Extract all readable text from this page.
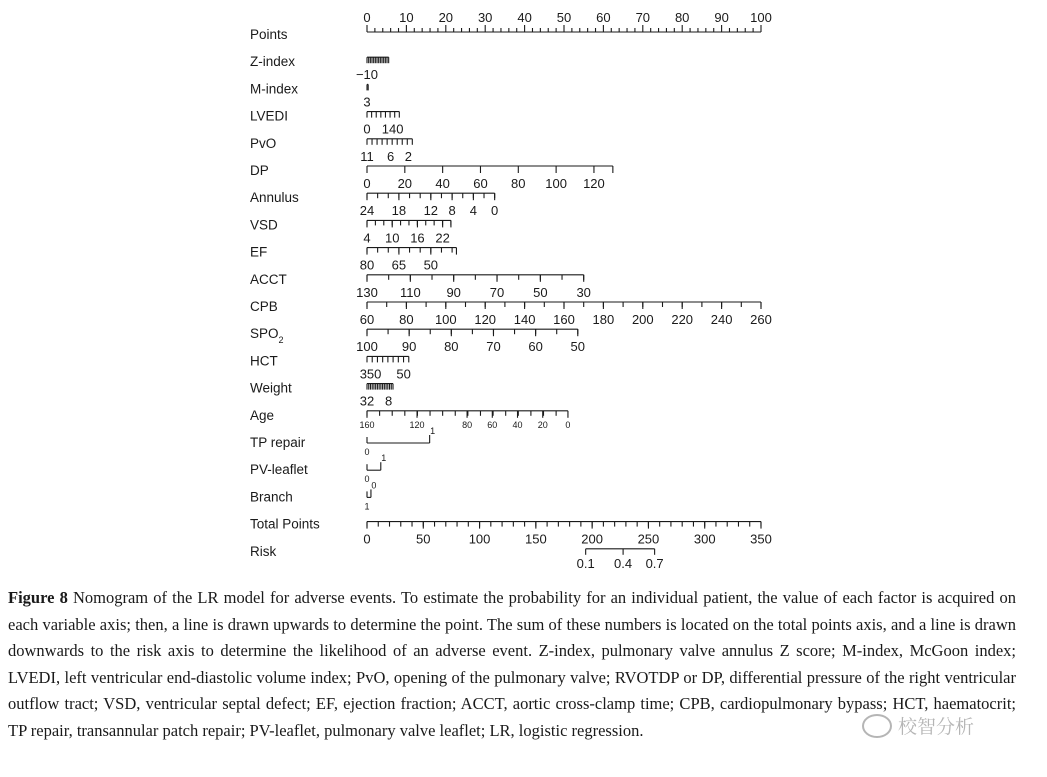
Points
0 10 20 30 40 50 60 70 80 90 100
Z-index
−10
M-index
3
LVEDI
0 140
PvO
11 6 2
DP
0 20 40 60 80 100 120
Annulus
24 18 12 8 4 0
VSD
4 10 16 22
EF
80 65 50
ACCT
130 110 90 70 50 30
CPB
60 80 100 120 140 160 180 200 220 240 260
$SPO_2$	100 90 80 70 60 50
HCT
350 50
Weight
32 8
Age
160	120	80 60 40 20 0
TP repair
0
1
PV-leaflet
0
1
Branch
1
0
Total Points
0	50	100	150	200	250	300	350
Risk
0.1 0.4 0.7
Figure 8 Nomogram of the LR model for adverse events. To estimate the probability for an individual patient, the value of each factor is acquired on each variable axis; then, a line is drawn upwards to determine the point. The sum of these numbers is located on the total points axis, and a line is drawn downwards to the risk axis to determine the likelihood of an adverse event. Z-index, pulmonary valve annulus Z score; M-index, McGoon index; LVEDI, left ventricular end-diastolic volume index; PvO, opening of the pulmonary valve; RVOTDP or DP, differential pressure of the right ventricular outflow tract; VSD, ventricular septal defect; EF, ejection fraction; ACCT, aortic cross-clamp time; CPB, cardiopulmonary bypass; HCT, haematocrit; TP repair, transannular patch repair; PV-leaflet, pulmonary valve leaflet; LR, logistic regression.	校智分析
